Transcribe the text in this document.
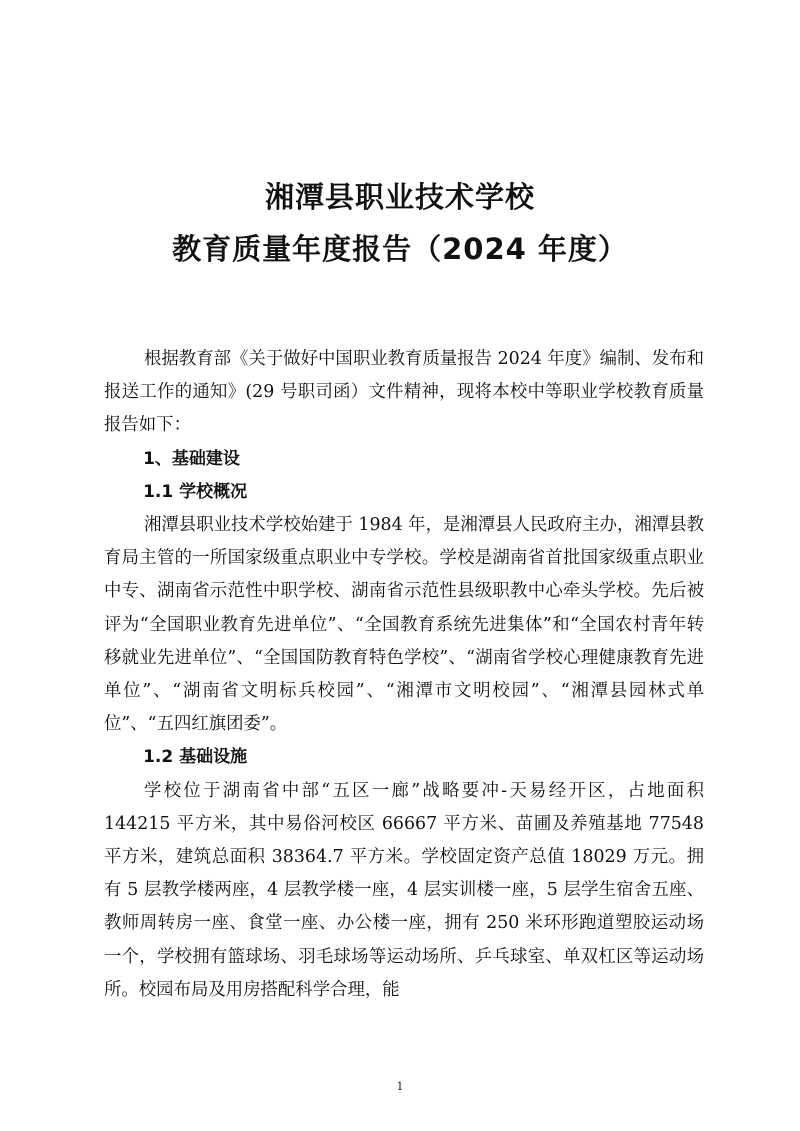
湘潭县职业技术学校
教育质量年度报告（2024 年度）

根据教育部《关于做好中国职业教育质量报告 2024 年度》编制、发布和报送工作的通知》(29 号职司函）文件精神，现将本校中等职业学校教育质量报告如下：

1、基础建设

1.1 学校概况

湘潭县职业技术学校始建于 1984 年，是湘潭县人民政府主办，湘潭县教育局主管的一所国家级重点职业中专学校。学校是湖南省首批国家级重点职业中专、湖南省示范性中职学校、湖南省示范性县级职教中心牵头学校。先后被评为“全国职业教育先进单位”、“全国教育系统先进集体”和“全国农村青年转移就业先进单位”、“全国国防教育特色学校”、“湖南省学校心理健康教育先进单位”、“湖南省文明标兵校园”、“湘潭市文明校园”、“湘潭县园林式单位”、“五四红旗团委”。

1.2 基础设施

学校位于湖南省中部“五区一廊”战略要冲-天易经开区，占地面积 144215 平方米，其中易俗河校区 66667 平方米、苗圃及养殖基地 77548 平方米，建筑总面积 38364.7 平方米。学校固定资产总值 18029 万元。拥有 5 层教学楼两座，4 层教学楼一座，4 层实训楼一座，5 层学生宿舍五座、教师周转房一座、食堂一座、办公楼一座，拥有 250 米环形跑道塑胶运动场一个，学校拥有篮球场、羽毛球场等运动场所、乒乓球室、单双杠区等运动场所。校园布局及用房搭配科学合理，能

1
